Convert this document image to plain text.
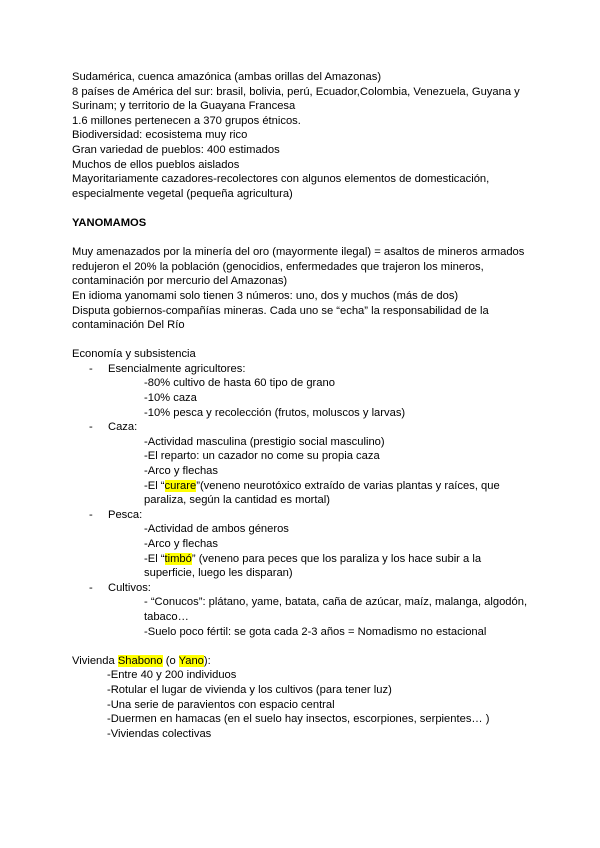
Sudamérica, cuenca amazónica (ambas orillas del Amazonas)
8 países de América del sur: brasil, bolivia, perú, Ecuador,Colombia, Venezuela, Guyana y
Surinam; y territorio de la Guayana Francesa
1.6 millones pertenecen a 370 grupos étnicos.
Biodiversidad: ecosistema muy rico
Gran variedad de pueblos: 400 estimados
Muchos de ellos pueblos aislados
Mayoritariamente cazadores-recolectores con algunos elementos de domesticación,
especialmente vegetal (pequeña agricultura)
YANOMAMOS
Muy amenazados por la minería del oro (mayormente ilegal) = asaltos de mineros armados
redujeron el 20% la población (genocidios, enfermedades que trajeron los mineros,
contaminación por mercurio del Amazonas)
En idioma yanomami solo tienen 3 números: uno, dos y muchos (más de dos)
Disputa gobiernos-compañías mineras. Cada uno se “echa” la responsabilidad de la
contaminación Del Río
Economía y subsistencia
- Esencialmente agricultores:
-80% cultivo de hasta 60 tipo de grano
-10% caza
-10% pesca y recolección (frutos, moluscos y larvas)
- Caza:
-Actividad masculina (prestigio social masculino)
-El reparto: un cazador no come su propia caza
-Arco y flechas
-El “curare”(veneno neurotóxico extraído de varias plantas y raíces, que
paraliza, según la cantidad es mortal)
- Pesca:
-Actividad de ambos géneros
-Arco y flechas
-El “timbó” (veneno para peces que los paraliza y los hace subir a la
superficie, luego les disparan)
- Cultivos:
- “Conucos”: plátano, yame, batata, caña de azúcar, maíz, malanga, algodón,
tabaco…
-Suelo poco fértil: se gota cada 2-3 años = Nomadismo no estacional
Vivienda Shabono (o Yano):
-Entre 40 y 200 individuos
-Rotular el lugar de vivienda y los cultivos (para tener luz)
-Una serie de paravientos con espacio central
-Duermen en hamacas (en el suelo hay insectos, escorpiones, serpientes… )
-Viviendas colectivas
